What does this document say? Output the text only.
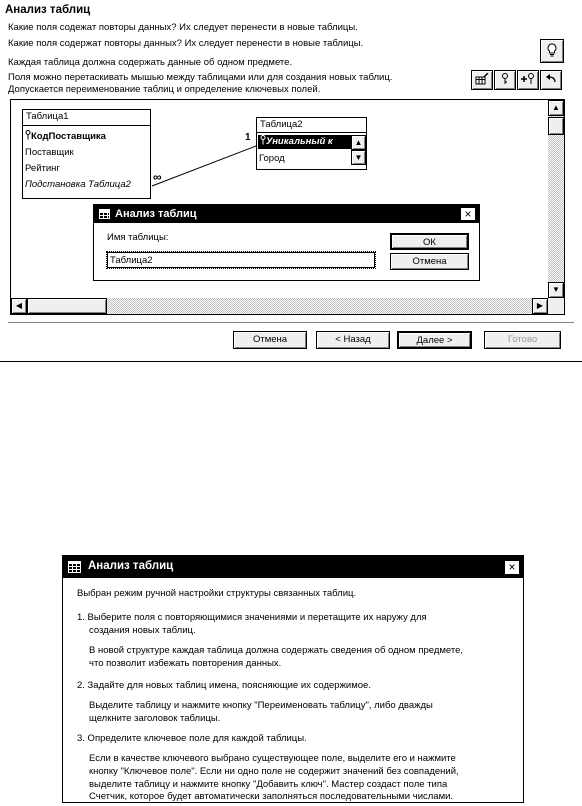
Анализ таблиц
Какие поля содежат повторы данных? Их следует перенести в новые таблицы.
Какие поля содержат повторы данных? Их следует перенести в новые таблицы.
Каждая таблица должна содержать данные об одном предмете.
Поля можно перетаскивать мышью между таблицами или для создания новых таблиц.
Допускается переименование таблиц и определение ключевых полей.
1
∞
Таблица1
КодПоставщика
Поставщик
Рейтинг
Подстановка Таблица2
Таблица2
Уникальный к
Город
▲
▼
▲
▼
◀	▶
Анализ таблиц	×
Имя таблицы:
Таблица2	ОК
Отмена
Отмена	< Назад	Далее >	Готово
Анализ таблиц	×
Выбран режим ручной настройки структуры связанных таблиц.
1. Выберите поля с повторяющимися значениями и перетащите их наружу для
создания новых таблиц.
В новой структуре каждая таблица должна содержать сведения об одном предмете,
что позволит избежать повторения данных.
2. Задайте для новых таблиц имена, поясняющие их содержимое.
Выделите таблицу и нажмите кнопку "Переименовать таблицу", либо дважды
щелкните заголовок таблицы.
3. Определите ключевое поле для каждой таблицы.
Если в качестве ключевого выбрано существующее поле, выделите его и нажмите
кнопку "Ключевое поле". Если ни одно поле не содержит значений без совпадений,
выделите таблицу и нажмите кнопку "Добавить ключ". Мастер создаст поле типа
Счетчик, которое будет автоматически заполняться последовательными числами.
